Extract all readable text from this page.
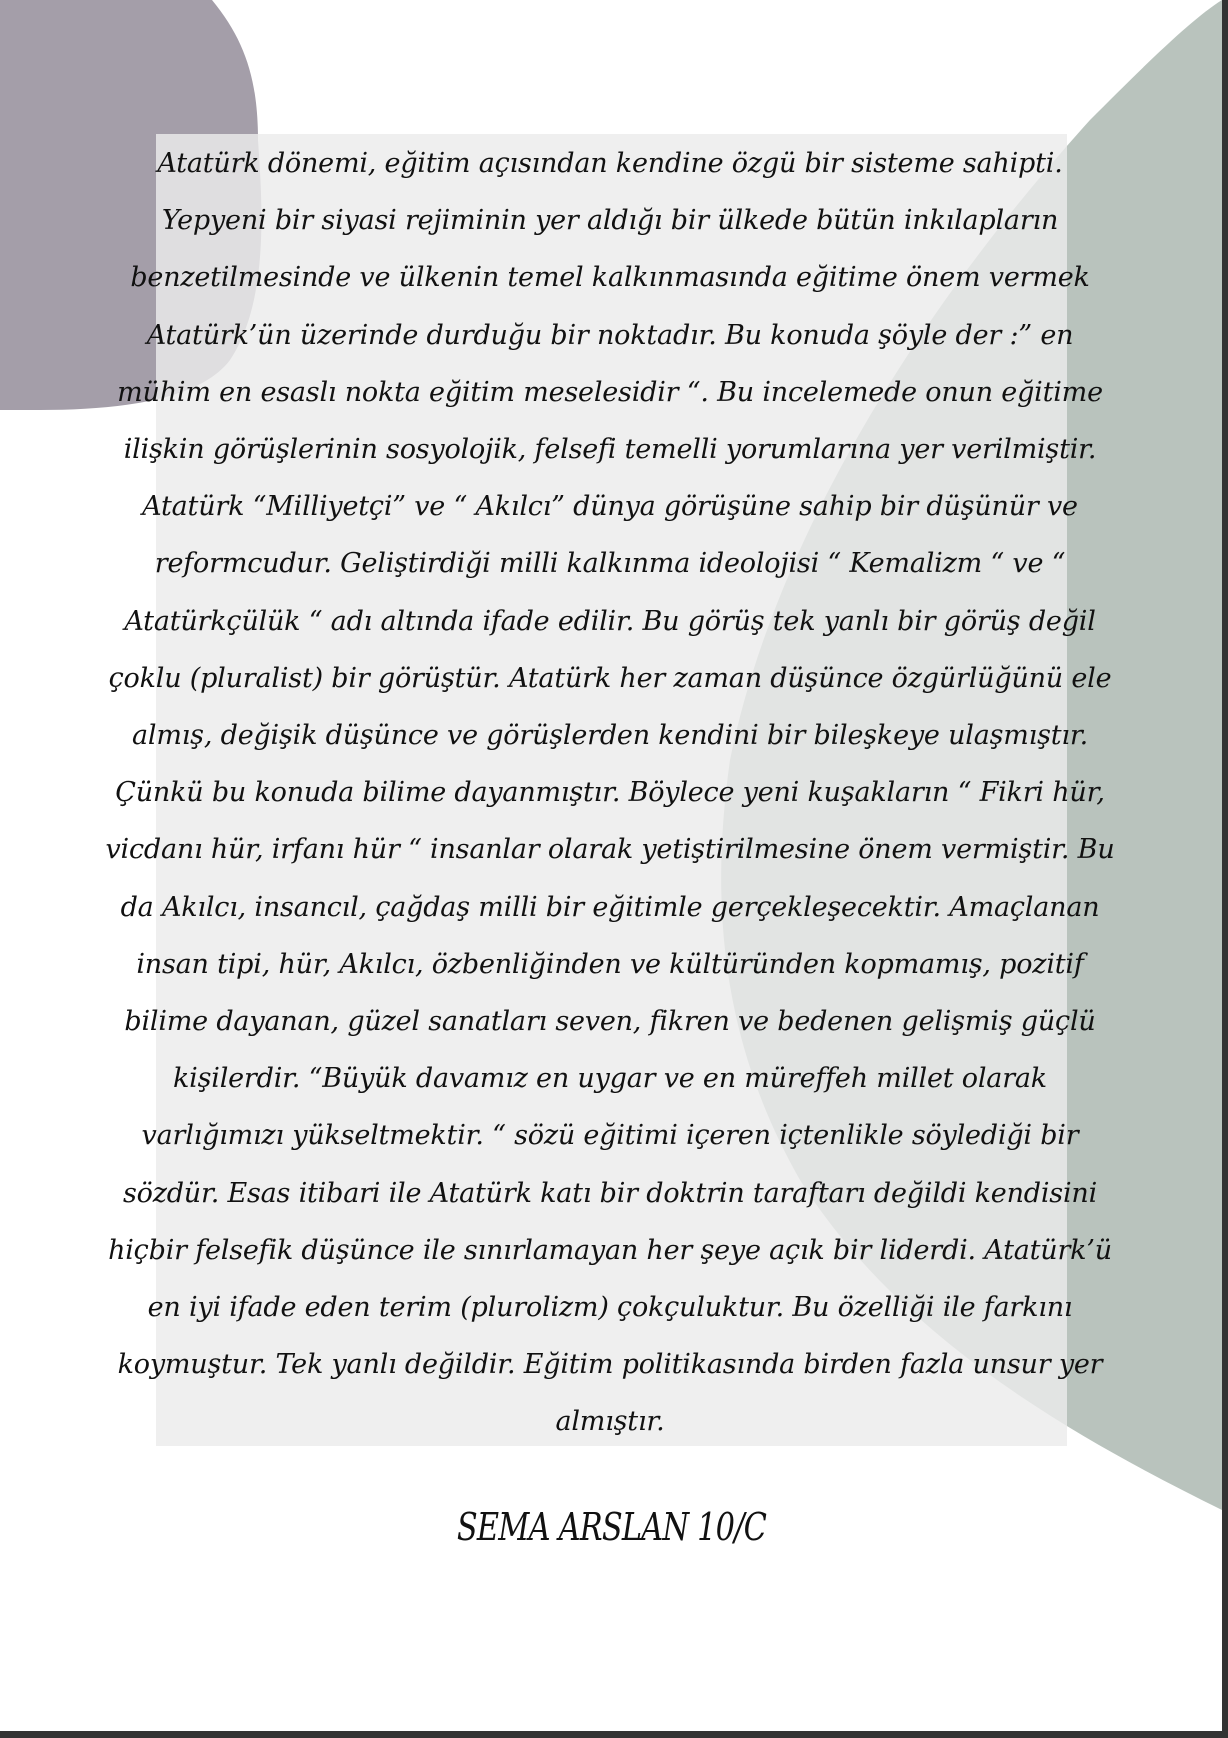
Atatürk dönemi, eğitim açısından kendine özgü bir sisteme sahipti.
Yepyeni bir siyasi rejiminin yer aldığı bir ülkede bütün inkılapların
benzetilmesinde ve ülkenin temel kalkınmasında eğitime önem vermek
Atatürk’ün üzerinde durduğu bir noktadır. Bu konuda şöyle der :” en
mühim en esaslı nokta eğitim meselesidir “. Bu incelemede onun eğitime
ilişkin görüşlerinin sosyolojik, felsefi temelli yorumlarına yer verilmiştir.
Atatürk “Milliyetçi” ve “ Akılcı” dünya görüşüne sahip bir düşünür ve
reformcudur. Geliştirdiği milli kalkınma ideolojisi “ Kemalizm “ ve “
Atatürkçülük “ adı altında ifade edilir. Bu görüş tek yanlı bir görüş değil
çoklu (pluralist) bir görüştür. Atatürk her zaman düşünce özgürlüğünü ele
almış, değişik düşünce ve görüşlerden kendini bir bileşkeye ulaşmıştır.
Çünkü bu konuda bilime dayanmıştır. Böylece yeni kuşakların “ Fikri hür,
vicdanı hür, irfanı hür “ insanlar olarak yetiştirilmesine önem vermiştir. Bu
da Akılcı, insancıl, çağdaş milli bir eğitimle gerçekleşecektir. Amaçlanan
insan tipi, hür, Akılcı, özbenliğinden ve kültüründen kopmamış, pozitif
bilime dayanan, güzel sanatları seven, fikren ve bedenen gelişmiş güçlü
kişilerdir. “Büyük davamız en uygar ve en müreffeh millet olarak
varlığımızı yükseltmektir. “ sözü eğitimi içeren içtenlikle söylediği bir
sözdür. Esas itibari ile Atatürk katı bir doktrin taraftarı değildi kendisini
hiçbir felsefik düşünce ile sınırlamayan her şeye açık bir liderdi. Atatürk’ü
en iyi ifade eden terim (plurolizm) çokçuluktur. Bu özelliği ile farkını
koymuştur. Tek yanlı değildir. Eğitim politikasında birden fazla unsur yer
almıştır.
SEMA ARSLAN 10/C
